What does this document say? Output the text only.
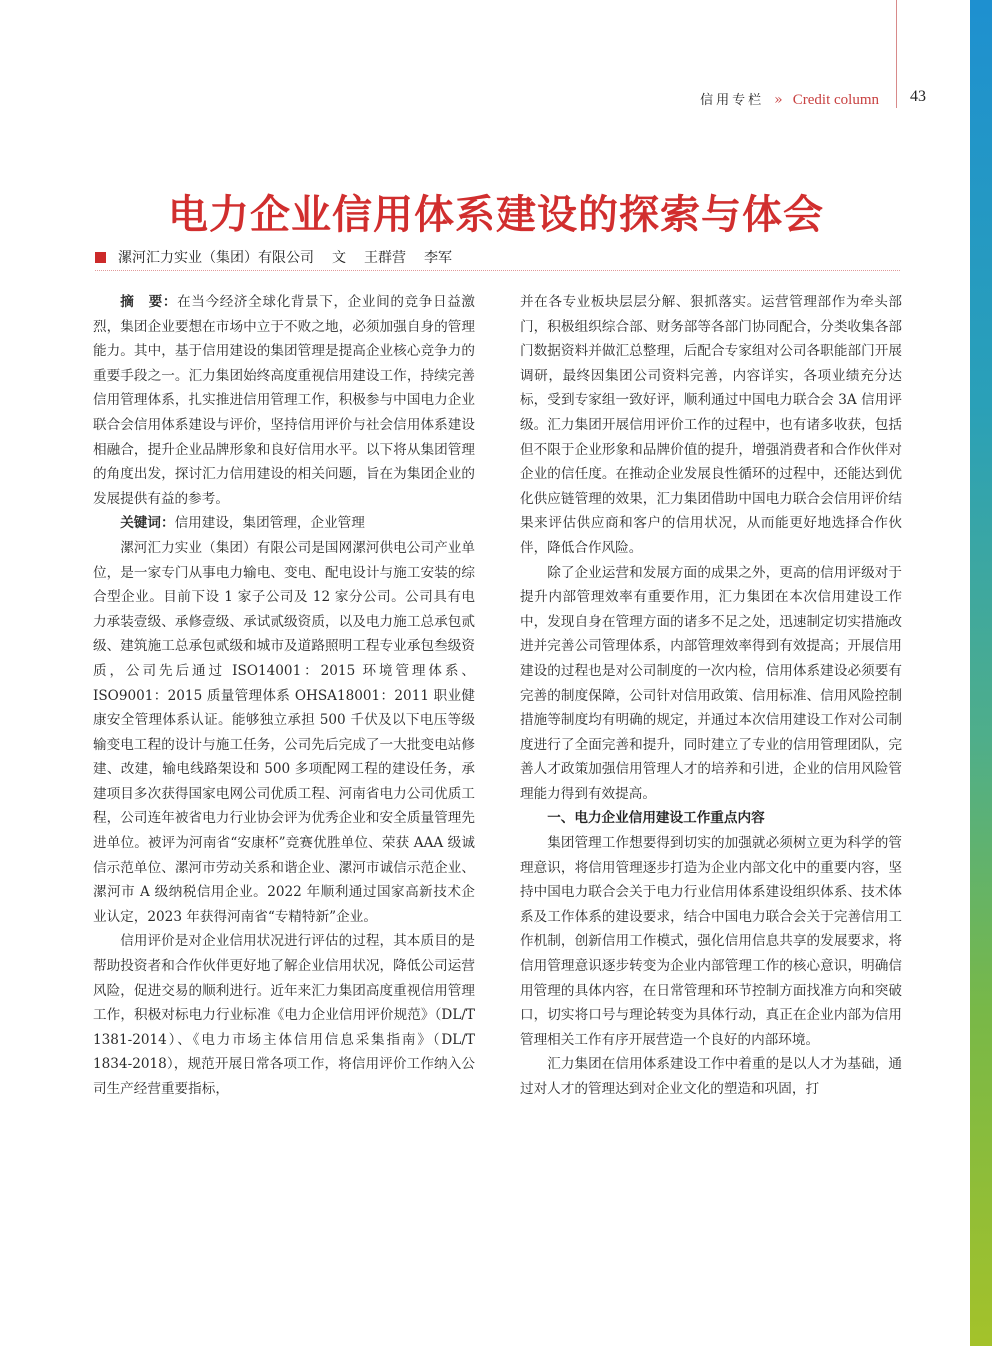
信用专栏 » Credit column 43
电力企业信用体系建设的探索与体会
漯河汇力实业（集团）有限公司 文 王群营 李军

摘　要：在当今经济全球化背景下，企业间的竞争日益激烈，集团企业要想在市场中立于不败之地，必须加强自身的管理能力。其中，基于信用建设的集团管理是提高企业核心竞争力的重要手段之一。汇力集团始终高度重视信用建设工作，持续完善信用管理体系，扎实推进信用管理工作，积极参与中国电力企业联合会信用体系建设与评价，坚持信用评价与社会信用体系建设相融合，提升企业品牌形象和良好信用水平。以下将从集团管理的角度出发，探讨汇力信用建设的相关问题，旨在为集团企业的发展提供有益的参考。

关键词：信用建设，集团管理，企业管理

漯河汇力实业（集团）有限公司是国网漯河供电公司产业单位，是一家专门从事电力输电、变电、配电设计与施工安装的综合型企业。目前下设 1 家子公司及 12 家分公司。公司具有电力承装壹级、承修壹级、承试贰级资质，以及电力施工总承包贰级、建筑施工总承包贰级和城市及道路照明工程专业承包叁级资质，公司先后通过 ISO14001：2015 环境管理体系、ISO9001：2015 质量管理体系 OHSA18001：2011 职业健康安全管理体系认证。能够独立承担 500 千伏及以下电压等级输变电工程的设计与施工任务，公司先后完成了一大批变电站修建、改建，输电线路架设和 500 多项配网工程的建设任务，承建项目多次获得国家电网公司优质工程、河南省电力公司优质工程，公司连年被省电力行业协会评为优秀企业和安全质量管理先进单位。被评为河南省“安康杯”竞赛优胜单位、荣获 AAA 级诚信示范单位、漯河市劳动关系和谐企业、漯河市诚信示范企业、漯河市 A 级纳税信用企业。2022 年顺利通过国家高新技术企业认定，2023 年获得河南省“专精特新”企业。

信用评价是对企业信用状况进行评估的过程，其本质目的是帮助投资者和合作伙伴更好地了解企业信用状况，降低公司运营风险，促进交易的顺利进行。近年来汇力集团高度重视信用管理工作，积极对标电力行业标准《电力企业信用评价规范》（DL/T 1381-2014）、《电力市场主体信用信息采集指南》（DL/T 1834-2018），规范开展日常各项工作，将信用评价工作纳入公司生产经营重要指标，

并在各专业板块层层分解、狠抓落实。运营管理部作为牵头部门，积极组织综合部、财务部等各部门协同配合，分类收集各部门数据资料并做汇总整理，后配合专家组对公司各职能部门开展调研，最终因集团公司资料完善，内容详实，各项业绩充分达标，受到专家组一致好评，顺利通过中国电力联合会 3A 信用评级。汇力集团开展信用评价工作的过程中，也有诸多收获，包括但不限于企业形象和品牌价值的提升，增强消费者和合作伙伴对企业的信任度。在推动企业发展良性循环的过程中，还能达到优化供应链管理的效果，汇力集团借助中国电力联合会信用评价结果来评估供应商和客户的信用状况，从而能更好地选择合作伙伴，降低合作风险。

除了企业运营和发展方面的成果之外，更高的信用评级对于提升内部管理效率有重要作用，汇力集团在本次信用建设工作中，发现自身在管理方面的诸多不足之处，迅速制定切实措施改进并完善公司管理体系，内部管理效率得到有效提高；开展信用建设的过程也是对公司制度的一次内检，信用体系建设必须要有完善的制度保障，公司针对信用政策、信用标准、信用风险控制措施等制度均有明确的规定，并通过本次信用建设工作对公司制度进行了全面完善和提升，同时建立了专业的信用管理团队，完善人才政策加强信用管理人才的培养和引进，企业的信用风险管理能力得到有效提高。

一、电力企业信用建设工作重点内容

集团管理工作想要得到切实的加强就必须树立更为科学的管理意识，将信用管理逐步打造为企业内部文化中的重要内容，坚持中国电力联合会关于电力行业信用体系建设组织体系、技术体系及工作体系的建设要求，结合中国电力联合会关于完善信用工作机制，创新信用工作模式，强化信用信息共享的发展要求，将信用管理意识逐步转变为企业内部管理工作的核心意识，明确信用管理的具体内容，在日常管理和环节控制方面找准方向和突破口，切实将口号与理论转变为具体行动，真正在企业内部为信用管理相关工作有序开展营造一个良好的内部环境。

汇力集团在信用体系建设工作中着重的是以人才为基础，通过对人才的管理达到对企业文化的塑造和巩固，打
